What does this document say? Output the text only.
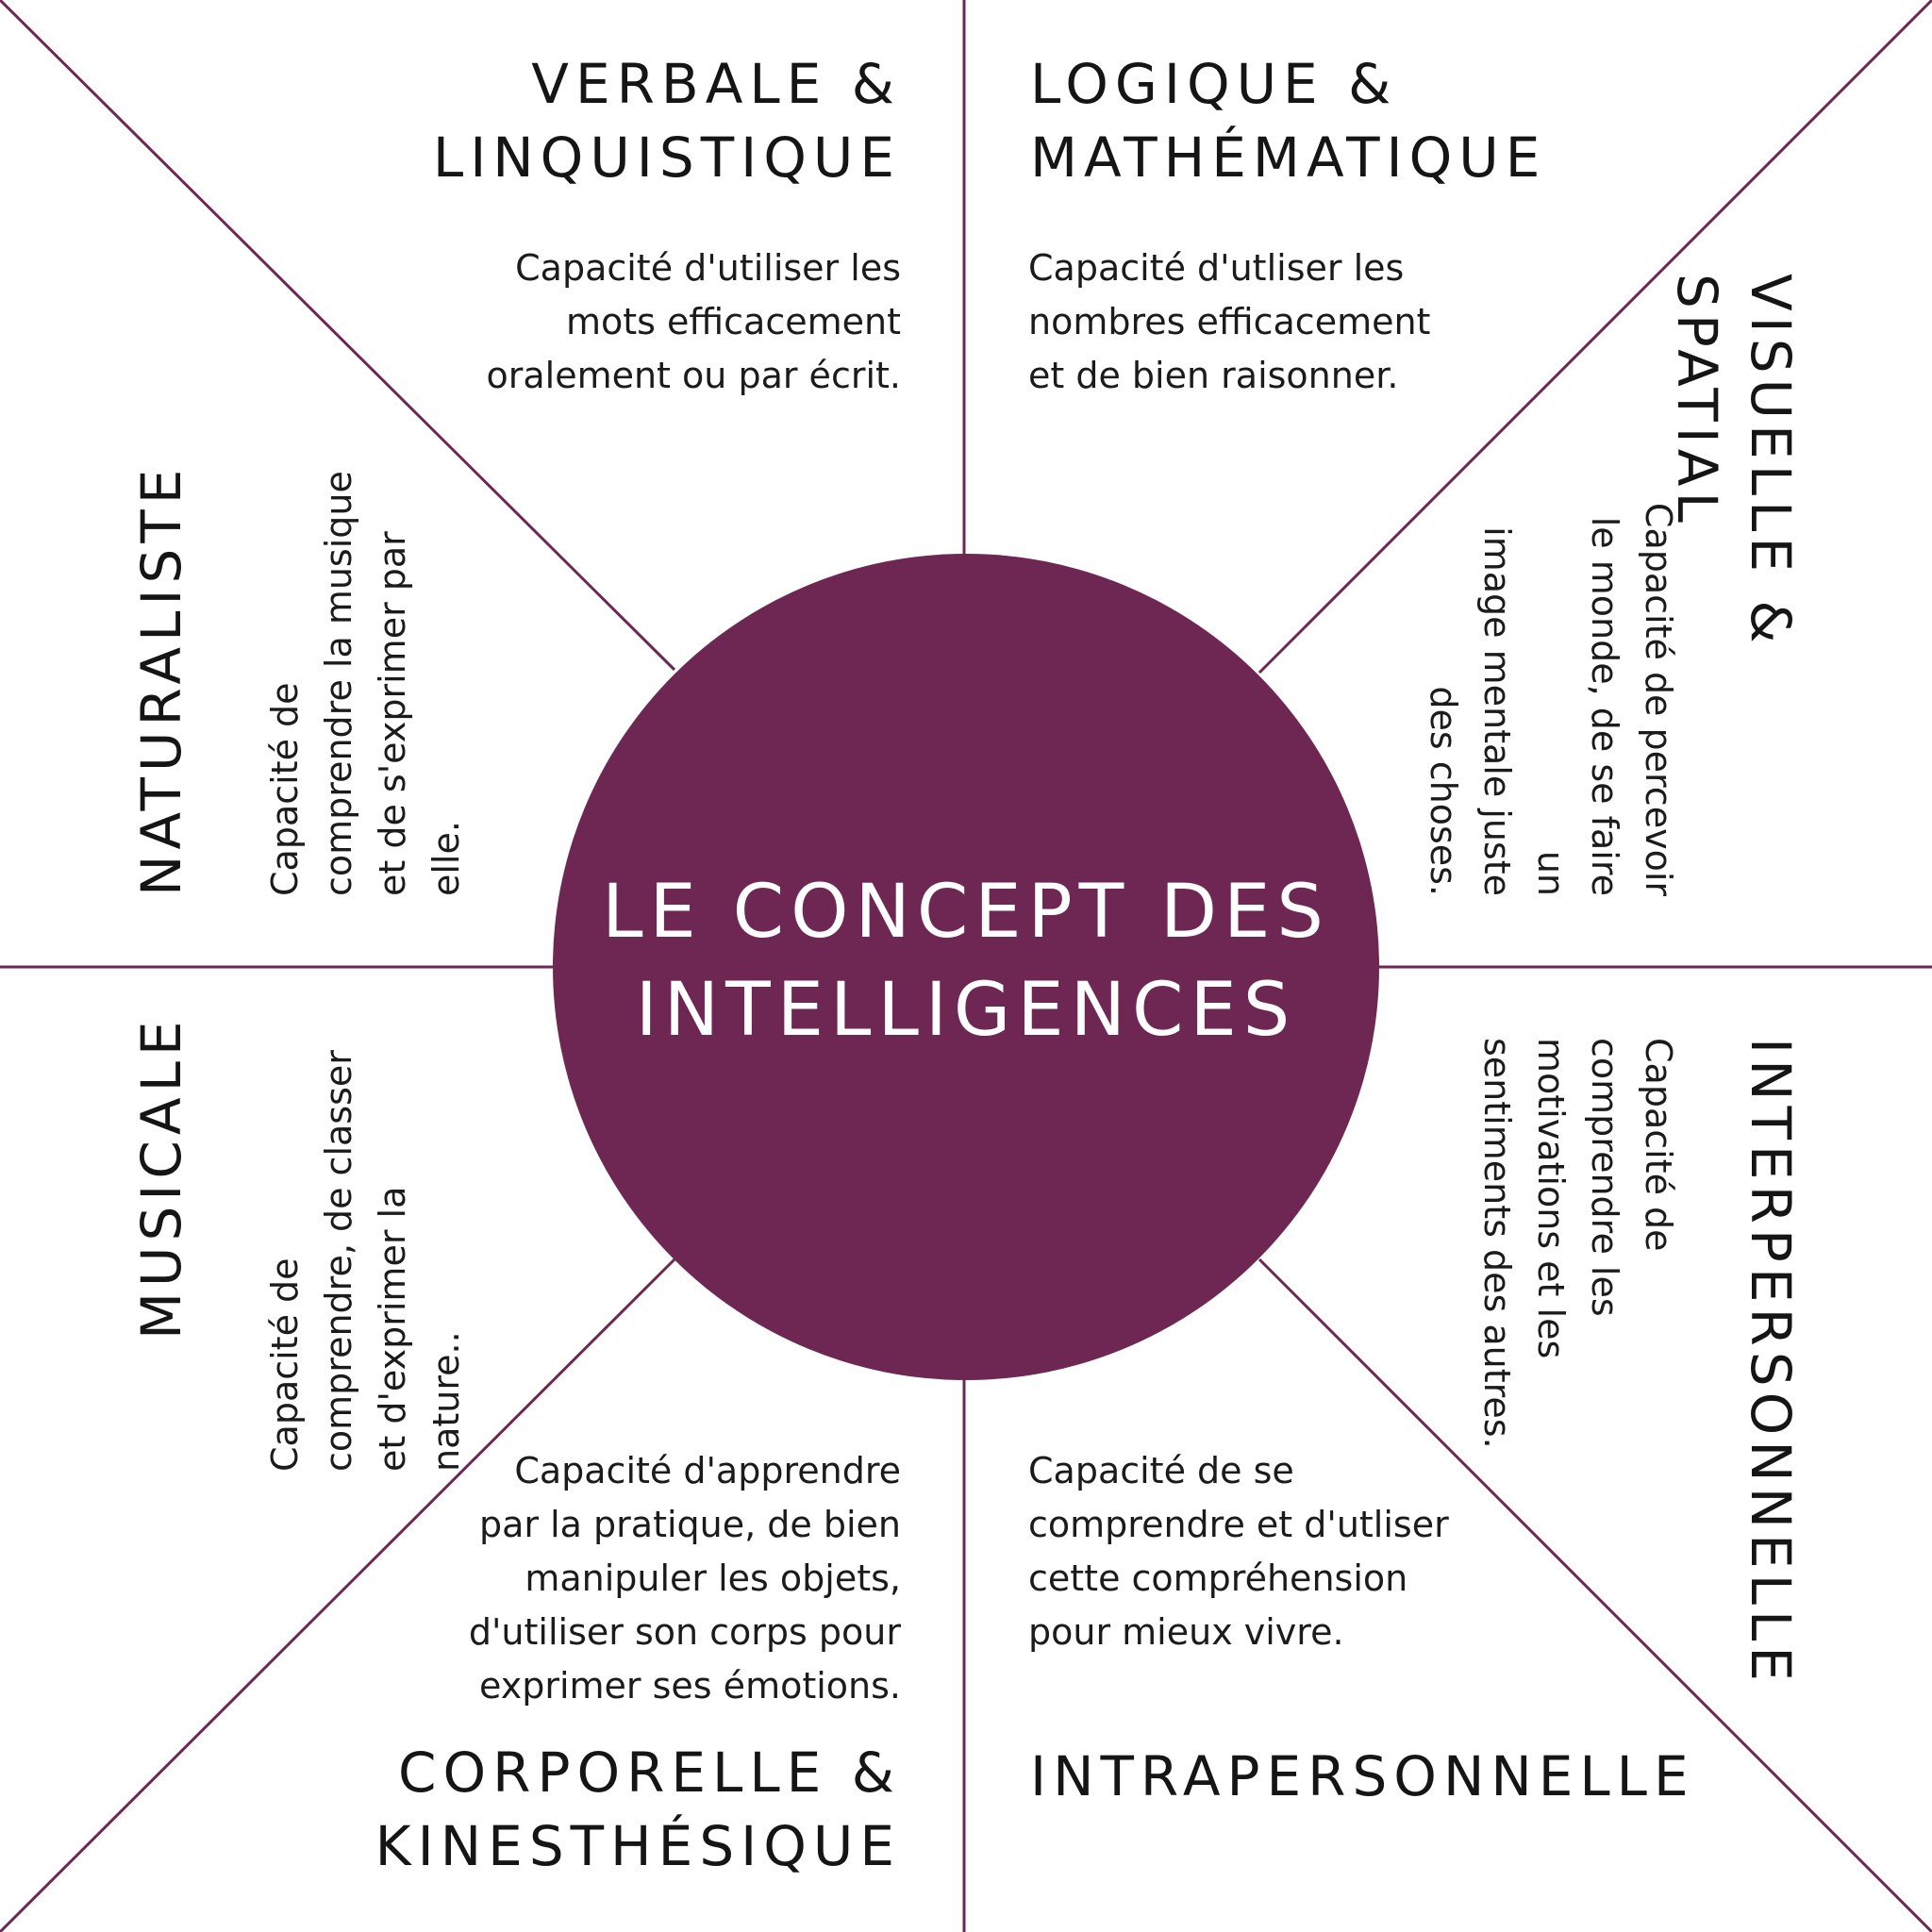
LE CONCEPT DES
INTELLIGENCES
VERBALE &
LINQUISTIQUE
Capacité d'utiliser les
mots efficacement
oralement ou par écrit.
LOGIQUE &
MATHÉMATIQUE
Capacité d'utliser les
nombres efficacement
et de bien raisonner.
Capacité de se
comprendre et d'utliser
cette compréhension
pour mieux vivre.
INTRAPERSONNELLE
Capacité d'apprendre
par la pratique, de bien
manipuler les objets,
d'utiliser son corps pour
exprimer ses émotions.
CORPORELLE &
KINESTHÉSIQUE
NATURALISTE Capacité de
comprendre la musique
et de s'exprimer par
elle.
MUSICALE
Capacité de
comprendre, de classer
et d'exprimer la nature..
VISUELLE & SPATIAL
Capacité de percevoir
le monde, de se faire un
image mentale juste
des choses.
INTERPERSONNELLE
Capacité de
comprendre les
motivations et les
sentiments des autres.
